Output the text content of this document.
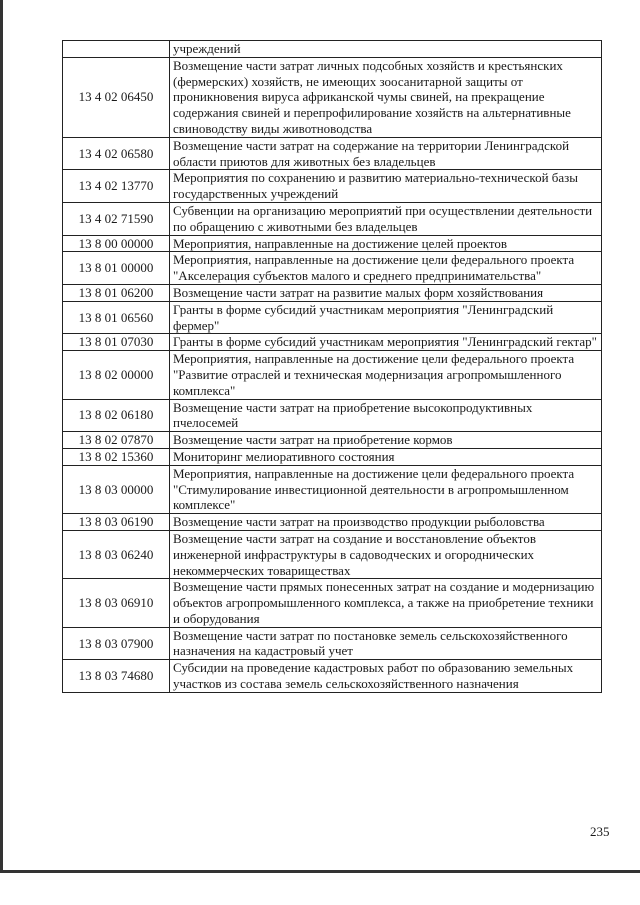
	учреждений
13 4 02 06450	Возмещение части затрат личных подсобных хозяйств и крестьянских (фермерских) хозяйств, не имеющих зоосанитарной защиты от проникновения вируса африканской чумы свиней, на прекращение содержания свиней и перепрофилирование хозяйств на альтернативные свиноводству виды животноводства
13 4 02 06580	Возмещение части затрат на содержание на территории Ленинградской области приютов для животных без владельцев
13 4 02 13770	Мероприятия по сохранению и развитию материально-технической базы государственных учреждений
13 4 02 71590	Субвенции на организацию мероприятий при осуществлении деятельности по обращению с животными без владельцев
13 8 00 00000	Мероприятия, направленные на достижение целей проектов
13 8 01 00000	Мероприятия, направленные на достижение цели федерального проекта "Акселерация субъектов малого и среднего предпринимательства"
13 8 01 06200	Возмещение части затрат на развитие малых форм хозяйствования
13 8 01 06560	Гранты в форме субсидий участникам мероприятия "Ленинградский фермер"
13 8 01 07030	Гранты в форме субсидий участникам мероприятия "Ленинградский гектар"
13 8 02 00000	Мероприятия, направленные на достижение цели федерального проекта "Развитие отраслей и техническая модернизация агропромышленного комплекса"
13 8 02 06180	Возмещение части затрат на приобретение высокопродуктивных пчелосемей
13 8 02 07870	Возмещение части затрат на приобретение кормов
13 8 02 15360	Мониторинг мелиоративного состояния
13 8 03 00000	Мероприятия, направленные на достижение цели федерального проекта "Стимулирование инвестиционной деятельности в агропромышленном комплексе"
13 8 03 06190	Возмещение части затрат на производство продукции рыболовства
13 8 03 06240	Возмещение части затрат на создание и восстановление объектов инженерной инфраструктуры в садоводческих и огороднических некоммерческих товариществах
13 8 03 06910	Возмещение части прямых понесенных затрат на создание и модернизацию объектов агропромышленного комплекса, а также на приобретение техники и оборудования
13 8 03 07900	Возмещение части затрат по постановке земель сельскохозяйственного назначения на кадастровый учет
13 8 03 74680	Субсидии на проведение кадастровых работ по образованию земельных участков из состава земель сельскохозяйственного назначения
235
